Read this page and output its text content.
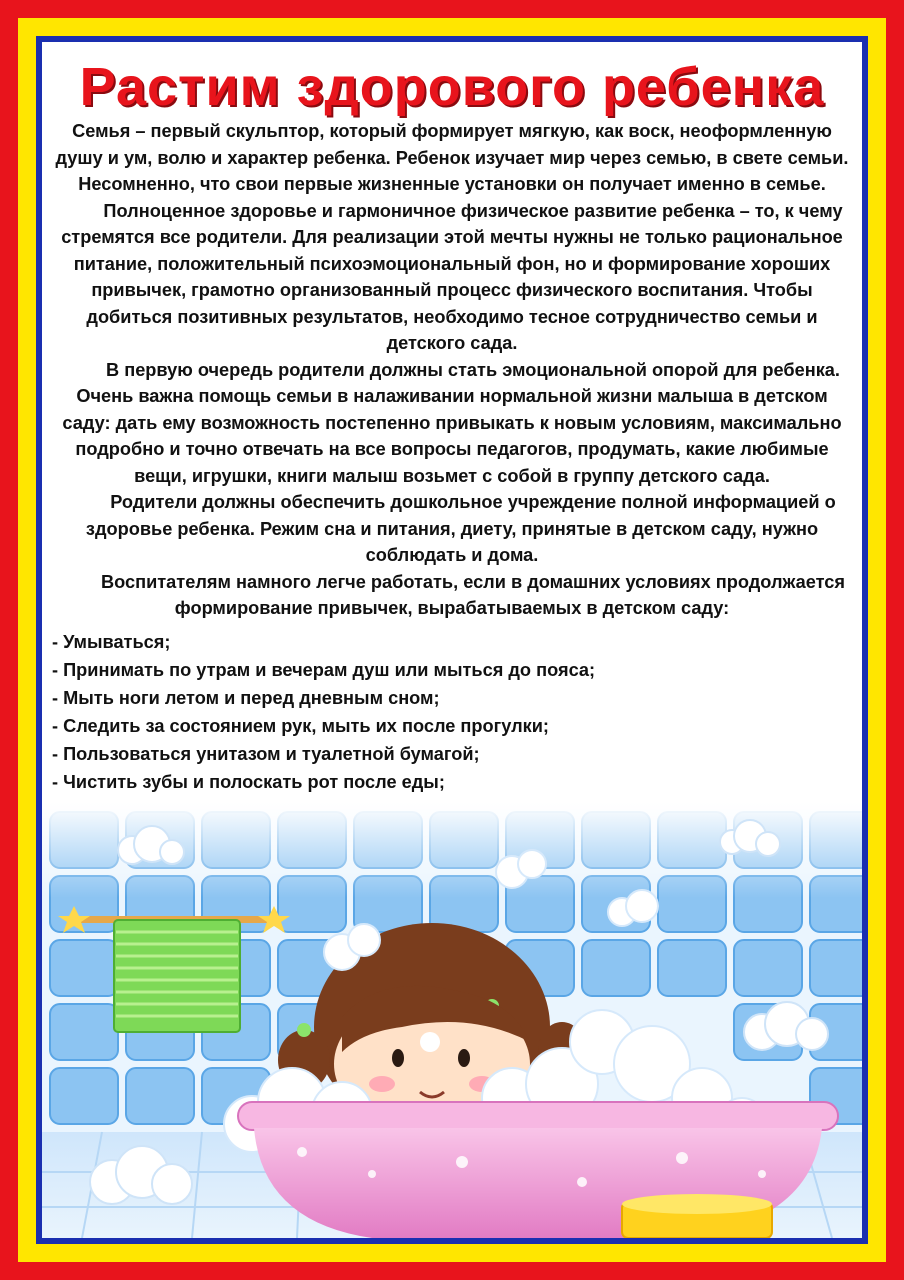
Растим здорового ребенка

Семья – первый скульптор, который формирует мягкую, как воск, неоформленную душу и ум, волю и характер ребенка. Ребенок изучает мир через семью, в свете семьи. Несомненно, что свои первые жизненные установки он получает именно в семье.

Полноценное здоровье и гармоничное физическое развитие ребенка – то, к чему стремятся все родители. Для реализации этой мечты нужны не только рациональное питание, положительный психоэмоциональный фон, но и формирование хороших привычек, грамотно организованный процесс физического воспитания. Чтобы добиться позитивных результатов, необходимо тесное сотрудничество семьи и детского сада.

В первую очередь родители должны стать эмоциональной опорой для ребенка. Очень важна помощь семьи в налаживании нормальной жизни малыша в детском саду: дать ему возможность постепенно привыкать к новым условиям, максимально подробно и точно отвечать на все вопросы педагогов, продумать, какие любимые вещи, игрушки, книги малыш возьмет с собой в группу детского сада.

Родители должны обеспечить дошкольное учреждение полной информацией о здоровье ребенка. Режим сна и питания, диету, принятые в детском саду, нужно соблюдать и дома.

Воспитателям намного легче работать, если в домашних условиях продолжается формирование привычек, вырабатываемых в детском саду:

- Умываться;
- Принимать по утрам и вечерам душ или мыться до пояса;
- Мыть ноги летом и перед дневным сном;
- Следить за состоянием рук, мыть их после прогулки;
- Пользоваться унитазом и туалетной бумагой;
- Чистить зубы и полоскать рот после еды;
